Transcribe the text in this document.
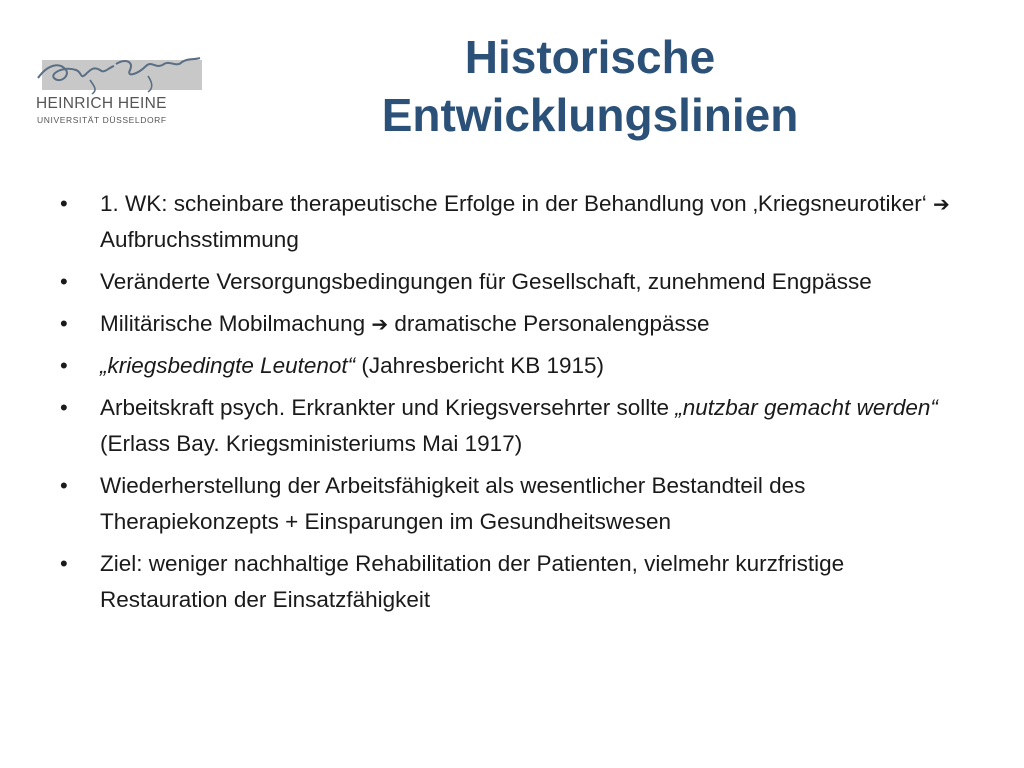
HEINRICH HEINE
UNIVERSITÄT DÜSSELDORF
Historische
Entwicklungslinien
• 1. WK: scheinbare therapeutische Erfolge in der Behandlung von ‚Kriegsneurotiker‘ ➔ Aufbruchsstimmung
• Veränderte Versorgungsbedingungen für Gesellschaft, zunehmend Engpässe
• Militärische Mobilmachung ➔ dramatische Personalengpässe
• „kriegsbedingte Leutenot“ (Jahresbericht KB 1915)
• Arbeitskraft psych. Erkrankter und Kriegsversehrter sollte „nutzbar gemacht werden“ (Erlass Bay. Kriegsministeriums Mai 1917)
• Wiederherstellung der Arbeitsfähigkeit als wesentlicher Bestandteil des Therapiekonzepts + Einsparungen im Gesundheitswesen
• Ziel: weniger nachhaltige Rehabilitation der Patienten, vielmehr kurzfristige Restauration der Einsatzfähigkeit
